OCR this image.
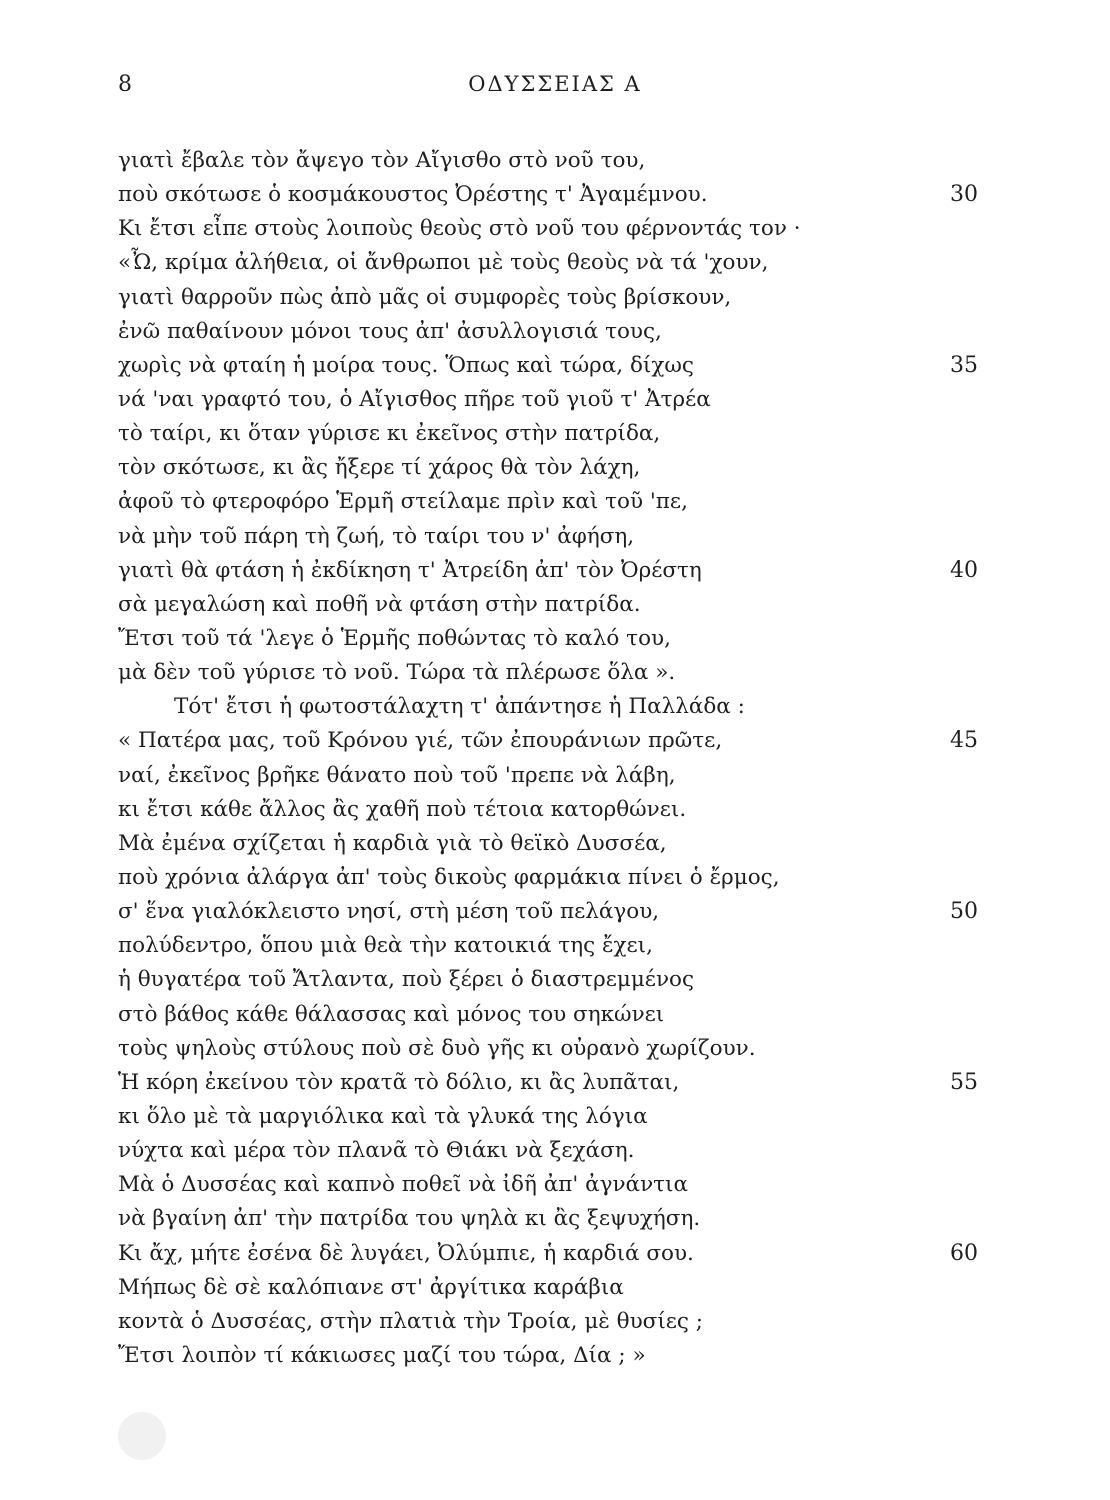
8	ΟΔΥΣΣΕΙΑΣ Α
γιατὶ ἔβαλε τὸν ἄψεγο τὸν Αἴγισθο στὸ νοῦ του,
ποὺ σκότωσε ὁ κοσμάκουστος Ὀρέστης τ' Ἀγαμέμνου.	30
Κι ἔτσι εἶπε στοὺς λοιποὺς θεοὺς στὸ νοῦ του φέρνοντάς τον ·
«Ὦ, κρίμα ἀλήθεια, οἱ ἄνθρωποι μὲ τοὺς θεοὺς νὰ τά 'χουν,
γιατὶ θαρροῦν πὼς ἀπὸ μᾶς οἱ συμφορὲς τοὺς βρίσκουν,
ἐνῶ παθαίνουν μόνοι τους ἀπ' ἀσυλλογισιά τους,
χωρὶς νὰ φταίη ἡ μοίρα τους. Ὅπως καὶ τώρα, δίχως	35
νά 'ναι γραφτό του, ὁ Αἴγισθος πῆρε τοῦ γιοῦ τ' Ἀτρέα
τὸ ταίρι, κι ὅταν γύρισε κι ἐκεῖνος στὴν πατρίδα,
τὸν σκότωσε, κι ἂς ἤξερε τί χάρος θὰ τὸν λάχη,
ἀφοῦ τὸ φτεροφόρο Ἑρμῆ στείλαμε πρὶν καὶ τοῦ 'πε,
νὰ μὴν τοῦ πάρη τὴ ζωή, τὸ ταίρι του ν' ἀφήση,
γιατὶ θὰ φτάση ἡ ἐκδίκηση τ' Ἀτρείδη ἀπ' τὸν Ὀρέστη	40
σὰ μεγαλώση καὶ ποθῆ νὰ φτάση στὴν πατρίδα.
Ἔτσι τοῦ τά 'λεγε ὁ Ἑρμῆς ποθώντας τὸ καλό του,
μὰ δὲν τοῦ γύρισε τὸ νοῦ. Τώρα τὰ πλέρωσε ὅλα ».
Τότ' ἔτσι ἡ φωτοστάλαχτη τ' ἀπάντησε ἡ Παλλάδα :
« Πατέρα μας, τοῦ Κρόνου γιέ, τῶν ἐπουράνιων πρῶτε,	45
ναί, ἐκεῖνος βρῆκε θάνατο ποὺ τοῦ 'πρεπε νὰ λάβη,
κι ἔτσι κάθε ἄλλος ἂς χαθῆ ποὺ τέτοια κατορθώνει.
Μὰ ἐμένα σχίζεται ἡ καρδιὰ γιὰ τὸ θεϊκὸ Δυσσέα,
ποὺ χρόνια ἀλάργα ἀπ' τοὺς δικοὺς φαρμάκια πίνει ὁ ἔρμος,
σ' ἕνα γιαλόκλειστο νησί, στὴ μέση τοῦ πελάγου,	50
πολύδεντρο, ὅπου μιὰ θεὰ τὴν κατοικιά της ἔχει,
ἡ θυγατέρα τοῦ Ἄτλαντα, ποὺ ξέρει ὁ διαστρεμμένος
στὸ βάθος κάθε θάλασσας καὶ μόνος του σηκώνει
τοὺς ψηλοὺς στύλους ποὺ σὲ δυὸ γῆς κι οὐρανὸ χωρίζουν.
Ἡ κόρη ἐκείνου τὸν κρατᾶ τὸ δόλιο, κι ἂς λυπᾶται,	55
κι ὅλο μὲ τὰ μαργιόλικα καὶ τὰ γλυκά της λόγια
νύχτα καὶ μέρα τὸν πλανᾶ τὸ Θιάκι νὰ ξεχάση.
Μὰ ὁ Δυσσέας καὶ καπνὸ ποθεῖ νὰ ἰδῆ ἀπ' ἀγνάντια
νὰ βγαίνη ἀπ' τὴν πατρίδα του ψηλὰ κι ἂς ξεψυχήση.
Κι ἄχ, μήτε ἐσένα δὲ λυγάει, Ὀλύμπιε, ἡ καρδιά σου.	60
Μήπως δὲ σὲ καλόπιανε στ' ἀργίτικα καράβια
κοντὰ ὁ Δυσσέας, στὴν πλατιὰ τὴν Τροία, μὲ θυσίες ;
Ἔτσι λοιπὸν τί κάκιωσες μαζί του τώρα, Δία ; »
